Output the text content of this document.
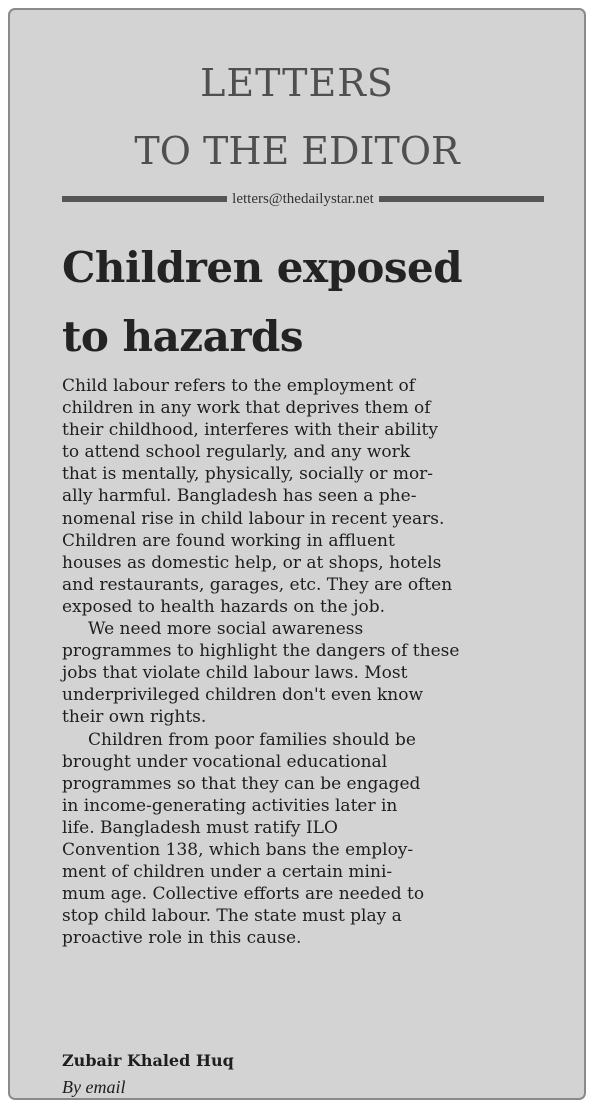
LETTERS
TO THE EDITOR
letters@thedailystar.net
Children exposed
to hazards
Child labour refers to the employment of
children in any work that deprives them of
their childhood, interferes with their ability
to attend school regularly, and any work
that is mentally, physically, socially or mor-
ally harmful. Bangladesh has seen a phe-
nomenal rise in child labour in recent years.
Children are found working in affluent
houses as domestic help, or at shops, hotels
and restaurants, garages, etc. They are often
exposed to health hazards on the job.
We need more social awareness
programmes to highlight the dangers of these
jobs that violate child labour laws. Most
underprivileged children don't even know
their own rights.
Children from poor families should be
brought under vocational educational
programmes so that they can be engaged
in income-generating activities later in
life. Bangladesh must ratify ILO
Convention 138, which bans the employ-
ment of children under a certain mini-
mum age. Collective efforts are needed to
stop child labour. The state must play a
proactive role in this cause.
Zubair Khaled Huq
By email
